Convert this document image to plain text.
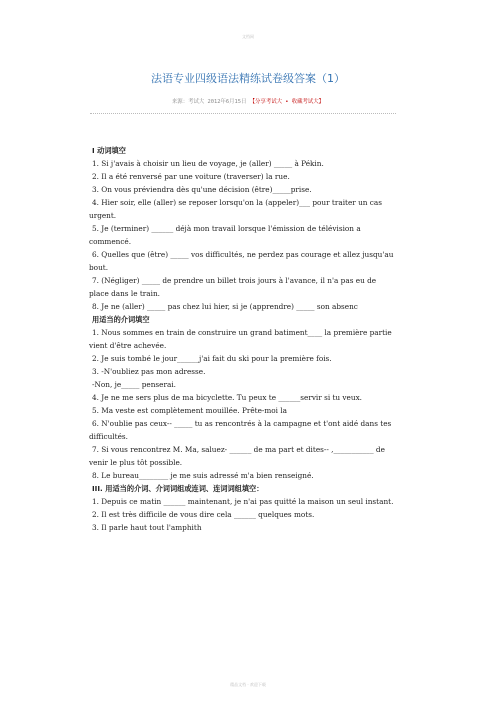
文档网
法语专业四级语法精练试卷级答案（1）
来源：考试大 2012年6月15日 【分享考试大 • 收藏考试大】

I 动词填空

1. Si j'avais à choisir un lieu de voyage, je (aller) _____ à Pékin.

2. Il a été renversé par une voiture (traverser) la rue.

3. On vous préviendra dès qu'une décision (être)_____prise.

4. Hier soir, elle (aller) se reposer lorsqu'on la (appeler)___ pour traiter un cas urgent.

5. Je (terminer) ______ déjà mon travail lorsque l'émission de télévision a commencé.

6. Quelles que (être) _____ vos difficultés, ne perdez pas courage et allez jusqu'au bout.

7. (Négliger) _____ de prendre un billet trois jours à l'avance, il n'a pas eu de place dans le train.

8. Je ne (aller) _____ pas chez lui hier, si je (apprendre) _____ son absenc

用适当的介词填空

1. Nous sommes en train de construire un grand batiment____ la première partie vient d'être achevée.

2. Je suis tombé le jour______j'ai fait du ski pour la première fois.

3. -N'oubliez pas mon adresse.

-Non, je_____ penserai.

4. Je ne me sers plus de ma bicyclette. Tu peux te ______servir si tu veux.

5. Ma veste est complètement mouillée. Prête-moi la

6. N'oublie pas ceux-- _____ tu as rencontrés à la campagne et t'ont aidé dans tes difficultés.

7. Si vous rencontrez M. Ma, saluez- ______ de ma part et dites-- ,___________ de venir le plus tôt possible.

8. Le bureau________ je me suis adressé m'a bien renseigné.

III. 用适当的介词、介词词组或连词、连词词组填空：

1. Depuis ce matin ______ maintenant, je n'ai pas quitté la maison un seul instant.

2. Il est très difficile de vous dire cela ______ quelques mots.

3. Il parle haut tout l'amphith

精品文档 · 欢迎下载
